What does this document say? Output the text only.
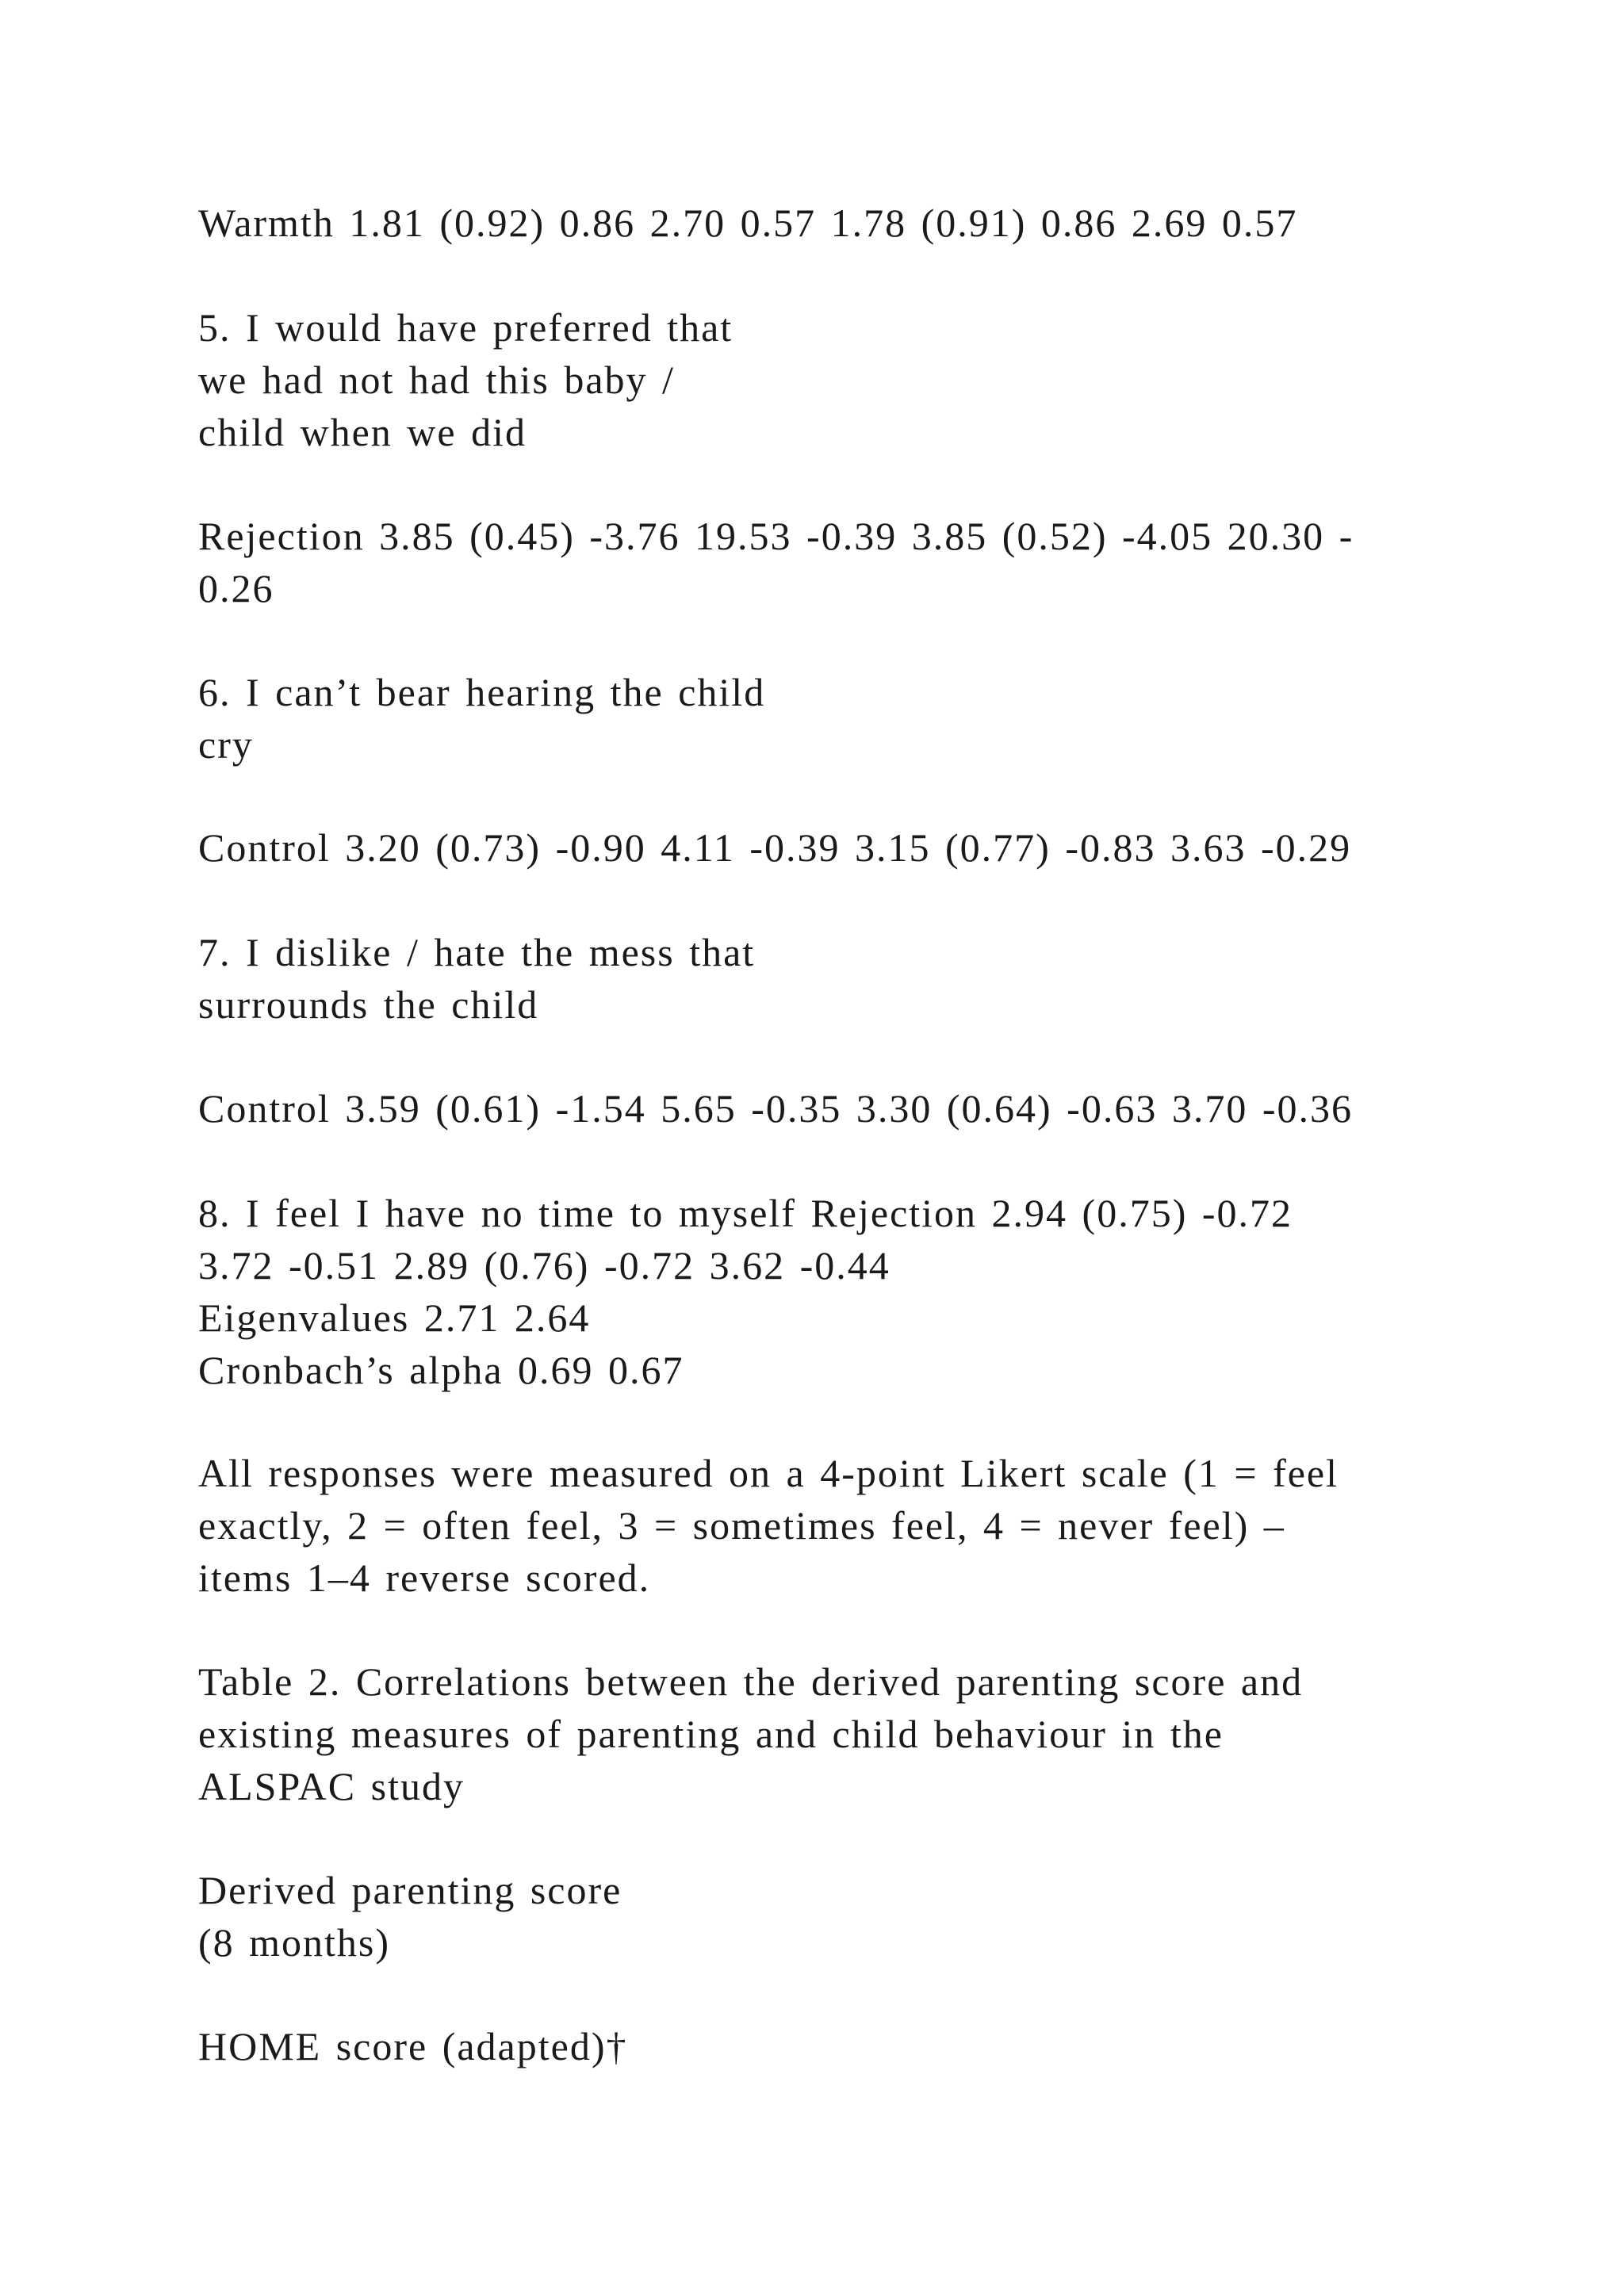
Warmth 1.81 (0.92) 0.86 2.70 0.57 1.78 (0.91) 0.86 2.69 0.57
5. I would have preferred that
we had not had this baby /
child when we did
Rejection 3.85 (0.45) -3.76 19.53 -0.39 3.85 (0.52) -4.05 20.30 -
0.26
6. I can’t bear hearing the child
cry
Control 3.20 (0.73) -0.90 4.11 -0.39 3.15 (0.77) -0.83 3.63 -0.29
7. I dislike / hate the mess that
surrounds the child
Control 3.59 (0.61) -1.54 5.65 -0.35 3.30 (0.64) -0.63 3.70 -0.36
8. I feel I have no time to myself Rejection 2.94 (0.75) -0.72
3.72 -0.51 2.89 (0.76) -0.72 3.62 -0.44
Eigenvalues 2.71 2.64
Cronbach’s alpha 0.69 0.67
All responses were measured on a 4-point Likert scale (1 = feel
exactly, 2 = often feel, 3 = sometimes feel, 4 = never feel) –
items 1–4 reverse scored.
Table 2. Correlations between the derived parenting score and
existing measures of parenting and child behaviour in the
ALSPAC study
Derived parenting score
(8 months)
HOME score (adapted)†
